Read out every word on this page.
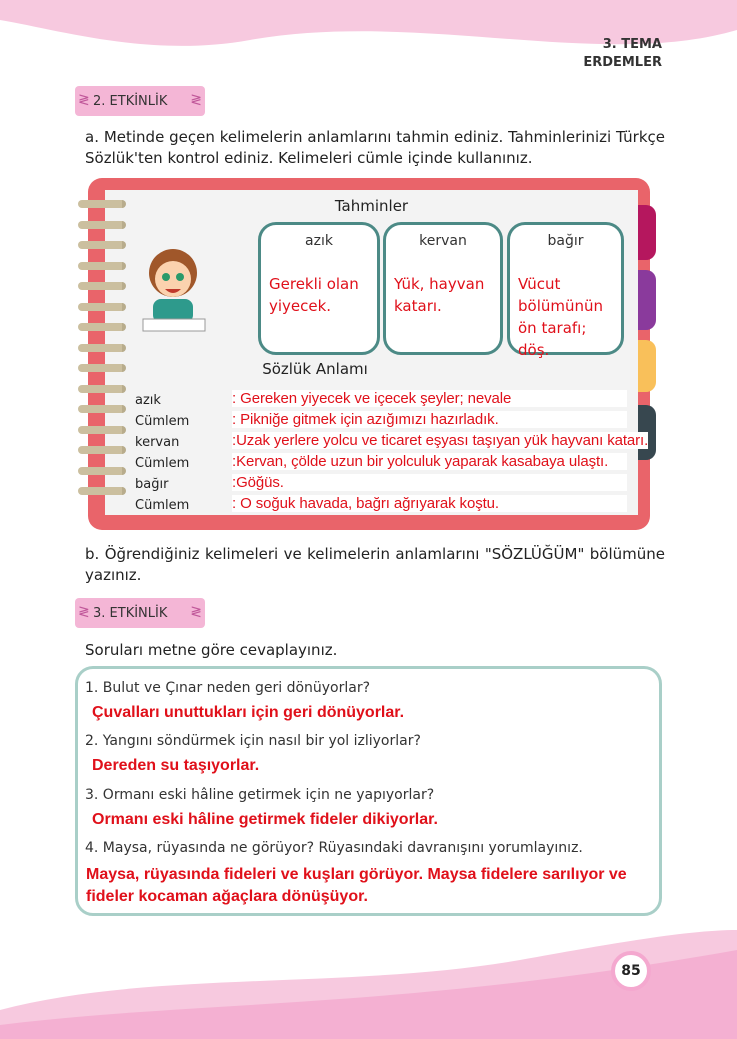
3. TEMA
ERDEMLER
≷ 2. ETKİNLİK ≷
a. Metinde geçen kelimelerin anlamlarını tahmin ediniz. Tahminlerinizi Türkçe Sözlük'ten kontrol ediniz. Kelimeleri cümle içinde kullanınız.
Tahminler
azık
Gerekli olan yiyecek.
kervan
Yük, hayvan katarı.
bağır
Vücut bölümünün ön tarafı; döş.
Sözlük Anlamı
azık	: Gereken yiyecek ve içecek şeyler; nevale
Cümlem	: Pikniğe gitmek için azığımızı hazırladık.
kervan	:Uzak yerlere yolcu ve ticaret eşyası taşıyan yük hayvanı katarı.
Cümlem	:Kervan, çölde uzun bir yolculuk yaparak kasabaya ulaştı.
bağır	:Göğüs.
Cümlem	: O soğuk havada, bağrı ağrıyarak koştu.
b. Öğrendiğiniz kelimeleri ve kelimelerin anlamlarını "SÖZLÜĞÜM" bölümüne yazınız.
≷ 3. ETKİNLİK ≷
Soruları metne göre cevaplayınız.
1. Bulut ve Çınar neden geri dönüyorlar?
Çuvalları unuttukları için geri dönüyorlar.
2. Yangını söndürmek için nasıl bir yol izliyorlar?
Dereden su taşıyorlar.
3. Ormanı eski hâline getirmek için ne yapıyorlar?
Ormanı eski hâline getirmek fideler dikiyorlar.
4. Maysa, rüyasında ne görüyor? Rüyasındaki davranışını yorumlayınız.
Maysa, rüyasında fideleri ve kuşları görüyor. Maysa fidelere sarılıyor ve fideler kocaman ağaçlara dönüşüyor.
85
